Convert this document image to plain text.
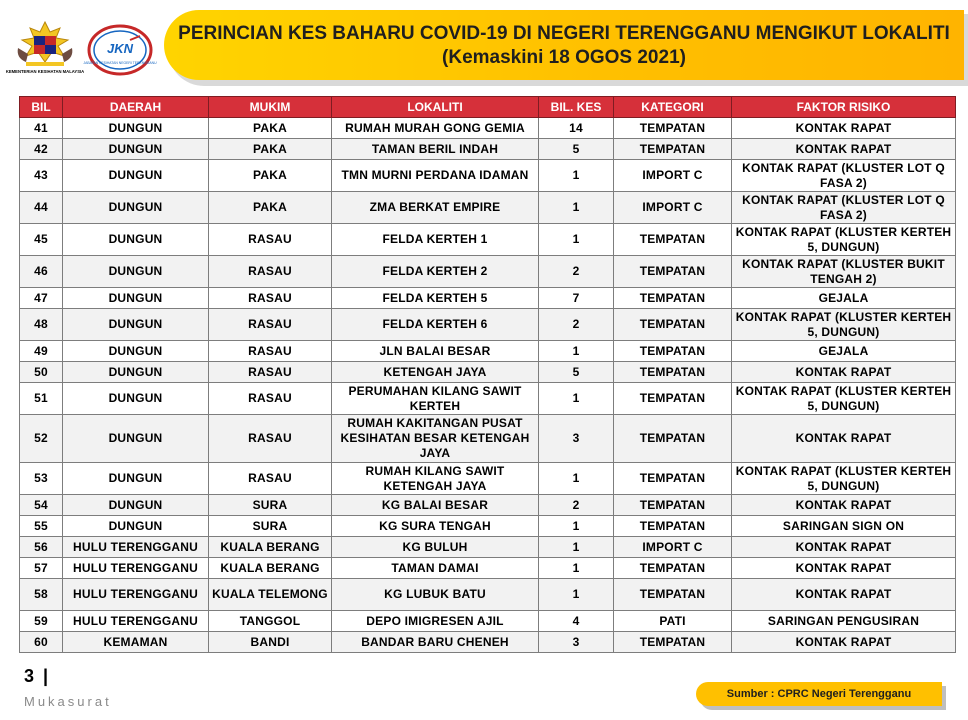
KEMENTERIAN KESIHATAN MALAYSIA
JKN
JABATAN KESIHATAN NEGERI TERENGGANU
PERINCIAN KES BAHARU COVID-19 DI NEGERI TERENGGANU MENGIKUT LOKALITI
(Kemaskini 18 OGOS 2021)
BIL	DAERAH	MUKIM	LOKALITI	BIL. KES	KATEGORI	FAKTOR RISIKO
41	DUNGUN	PAKA	RUMAH MURAH GONG GEMIA	14	TEMPATAN	KONTAK RAPAT
42	DUNGUN	PAKA	TAMAN BERIL INDAH	5	TEMPATAN	KONTAK RAPAT
43	DUNGUN	PAKA	TMN MURNI PERDANA IDAMAN	1	IMPORT C	KONTAK RAPAT (KLUSTER LOT Q FASA 2)
44	DUNGUN	PAKA	ZMA BERKAT EMPIRE	1	IMPORT C	KONTAK RAPAT (KLUSTER LOT Q FASA 2)
45	DUNGUN	RASAU	FELDA KERTEH 1	1	TEMPATAN	KONTAK RAPAT (KLUSTER KERTEH 5, DUNGUN)
46	DUNGUN	RASAU	FELDA KERTEH 2	2	TEMPATAN	KONTAK RAPAT (KLUSTER BUKIT TENGAH 2)
47	DUNGUN	RASAU	FELDA KERTEH 5	7	TEMPATAN	GEJALA
48	DUNGUN	RASAU	FELDA KERTEH 6	2	TEMPATAN	KONTAK RAPAT (KLUSTER KERTEH 5, DUNGUN)
49	DUNGUN	RASAU	JLN BALAI BESAR	1	TEMPATAN	GEJALA
50	DUNGUN	RASAU	KETENGAH JAYA	5	TEMPATAN	KONTAK RAPAT
51	DUNGUN	RASAU	PERUMAHAN KILANG SAWIT KERTEH	1	TEMPATAN	KONTAK RAPAT (KLUSTER KERTEH 5, DUNGUN)
52	DUNGUN	RASAU	RUMAH KAKITANGAN PUSAT KESIHATAN BESAR KETENGAH JAYA	3	TEMPATAN	KONTAK RAPAT
53	DUNGUN	RASAU	RUMAH KILANG SAWIT KETENGAH JAYA	1	TEMPATAN	KONTAK RAPAT (KLUSTER KERTEH 5, DUNGUN)
54	DUNGUN	SURA	KG BALAI BESAR	2	TEMPATAN	KONTAK RAPAT
55	DUNGUN	SURA	KG SURA TENGAH	1	TEMPATAN	SARINGAN SIGN ON
56	HULU TERENGGANU	KUALA BERANG	KG BULUH	1	IMPORT C	KONTAK RAPAT
57	HULU TERENGGANU	KUALA BERANG	TAMAN DAMAI	1	TEMPATAN	KONTAK RAPAT
58	HULU TERENGGANU	KUALA TELEMONG	KG LUBUK BATU	1	TEMPATAN	KONTAK RAPAT
59	HULU TERENGGANU	TANGGOL	DEPO IMIGRESEN AJIL	4	PATI	SARINGAN PENGUSIRAN
60	KEMAMAN	BANDI	BANDAR BARU CHENEH	3	TEMPATAN	KONTAK RAPAT
3 |
Mukasurat	Sumber : CPRC Negeri Terengganu
